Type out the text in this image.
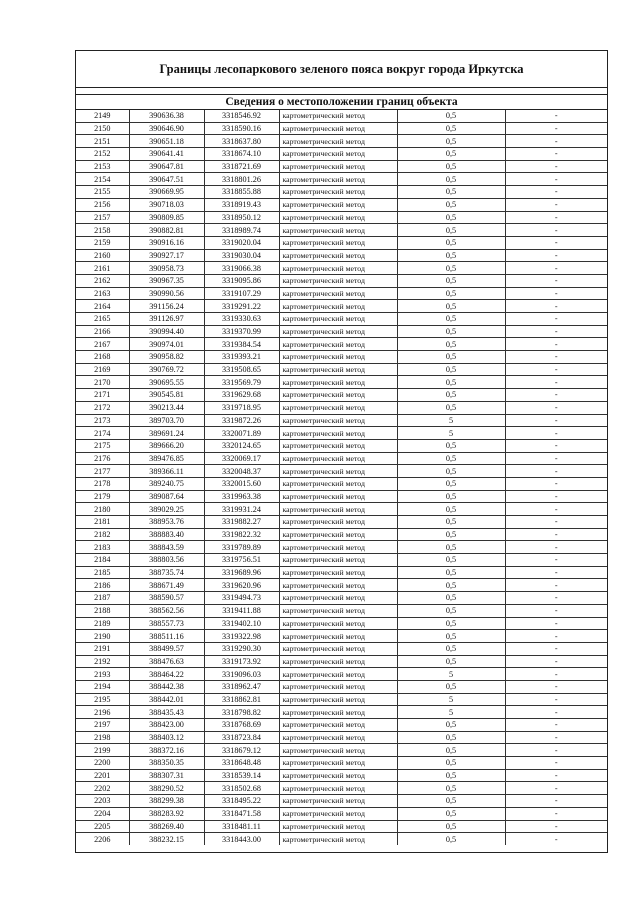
Границы лесопаркового зеленого пояса вокруг города Иркутска
Сведения о местоположении границ объекта
2149	390636.38	3318546.92	картометрический метод	0,5	-
2150	390646.90	3318590.16	картометрический метод	0,5	-
2151	390651.18	3318637.80	картометрический метод	0,5	-
2152	390641.41	3318674.10	картометрический метод	0,5	-
2153	390647.81	3318721.69	картометрический метод	0,5	-
2154	390647.51	3318801.26	картометрический метод	0,5	-
2155	390669.95	3318855.88	картометрический метод	0,5	-
2156	390718.03	3318919.43	картометрический метод	0,5	-
2157	390809.85	3318950.12	картометрический метод	0,5	-
2158	390882.81	3318989.74	картометрический метод	0,5	-
2159	390916.16	3319020.04	картометрический метод	0,5	-
2160	390927.17	3319030.04	картометрический метод	0,5	-
2161	390958.73	3319066.38	картометрический метод	0,5	-
2162	390967.35	3319095.86	картометрический метод	0,5	-
2163	390990.56	3319107.29	картометрический метод	0,5	-
2164	391156.24	3319291.22	картометрический метод	0,5	-
2165	391126.97	3319330.63	картометрический метод	0,5	-
2166	390994.40	3319370.99	картометрический метод	0,5	-
2167	390974.01	3319384.54	картометрический метод	0,5	-
2168	390958.82	3319393.21	картометрический метод	0,5	-
2169	390769.72	3319508.65	картометрический метод	0,5	-
2170	390695.55	3319569.79	картометрический метод	0,5	-
2171	390545.81	3319629.68	картометрический метод	0,5	-
2172	390213.44	3319718.95	картометрический метод	0,5	-
2173	389703.70	3319872.26	картометрический метод	5	-
2174	389691.24	3320071.89	картометрический метод	5	-
2175	389666.20	3320124.65	картометрический метод	0,5	-
2176	389476.85	3320069.17	картометрический метод	0,5	-
2177	389366.11	3320048.37	картометрический метод	0,5	-
2178	389240.75	3320015.60	картометрический метод	0,5	-
2179	389087.64	3319963.38	картометрический метод	0,5	-
2180	389029.25	3319931.24	картометрический метод	0,5	-
2181	388953.76	3319882.27	картометрический метод	0,5	-
2182	388883.40	3319822.32	картометрический метод	0,5	-
2183	388843.59	3319789.89	картометрический метод	0,5	-
2184	388803.56	3319756.51	картометрический метод	0,5	-
2185	388735.74	3319689.96	картометрический метод	0,5	-
2186	388671.49	3319620.96	картометрический метод	0,5	-
2187	388590.57	3319494.73	картометрический метод	0,5	-
2188	388562.56	3319411.88	картометрический метод	0,5	-
2189	388557.73	3319402.10	картометрический метод	0,5	-
2190	388511.16	3319322.98	картометрический метод	0,5	-
2191	388499.57	3319290.30	картометрический метод	0,5	-
2192	388476.63	3319173.92	картометрический метод	0,5	-
2193	388464.22	3319096.03	картометрический метод	5	-
2194	388442.38	3318962.47	картометрический метод	0,5	-
2195	388442.01	3318862.81	картометрический метод	5	-
2196	388435.43	3318798.82	картометрический метод	5	-
2197	388423.00	3318768.69	картометрический метод	0,5	-
2198	388403.12	3318723.84	картометрический метод	0,5	-
2199	388372.16	3318679.12	картометрический метод	0,5	-
2200	388350.35	3318648.48	картометрический метод	0,5	-
2201	388307.31	3318539.14	картометрический метод	0,5	-
2202	388290.52	3318502.68	картометрический метод	0,5	-
2203	388299.38	3318495.22	картометрический метод	0,5	-
2204	388283.92	3318471.58	картометрический метод	0,5	-
2205	388269.40	3318481.11	картометрический метод	0,5	-
2206	388232.15	3318443.00	картометрический метод	0,5	-
